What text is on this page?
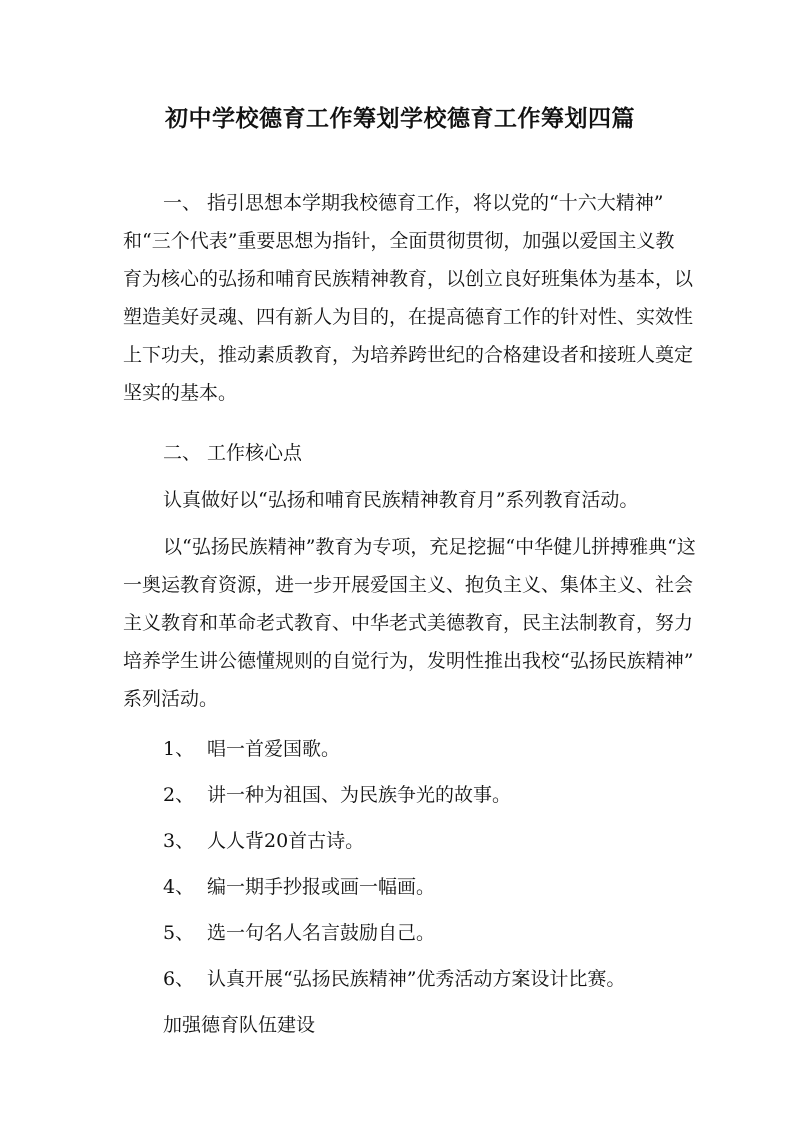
初中学校德育工作筹划学校德育工作筹划四篇
一、 指引思想本学期我校德育工作，将以党的“十六大精神”
和“三个代表”重要思想为指针，全面贯彻贯彻，加强以爱国主义教
育为核心的弘扬和哺育民族精神教育，以创立良好班集体为基本，以
塑造美好灵魂、四有新人为目的，在提高德育工作的针对性、实效性
上下功夫，推动素质教育，为培养跨世纪的合格建设者和接班人奠定
坚实的基本。
二、 工作核心点
认真做好以“弘扬和哺育民族精神教育月”系列教育活动。
以“弘扬民族精神”教育为专项，充足挖掘“中华健儿拼搏雅典“这
一奥运教育资源，进一步开展爱国主义、抱负主义、集体主义、社会
主义教育和革命老式教育、中华老式美德教育，民主法制教育，努力
培养学生讲公德懂规则的自觉行为，发明性推出我校“弘扬民族精神”
系列活动。
1、 唱一首爱国歌。
2、 讲一种为祖国、为民族争光的故事。
3、 人人背20首古诗。
4、 编一期手抄报或画一幅画。
5、 选一句名人名言鼓励自己。
6、 认真开展“弘扬民族精神”优秀活动方案设计比赛。
加强德育队伍建设
